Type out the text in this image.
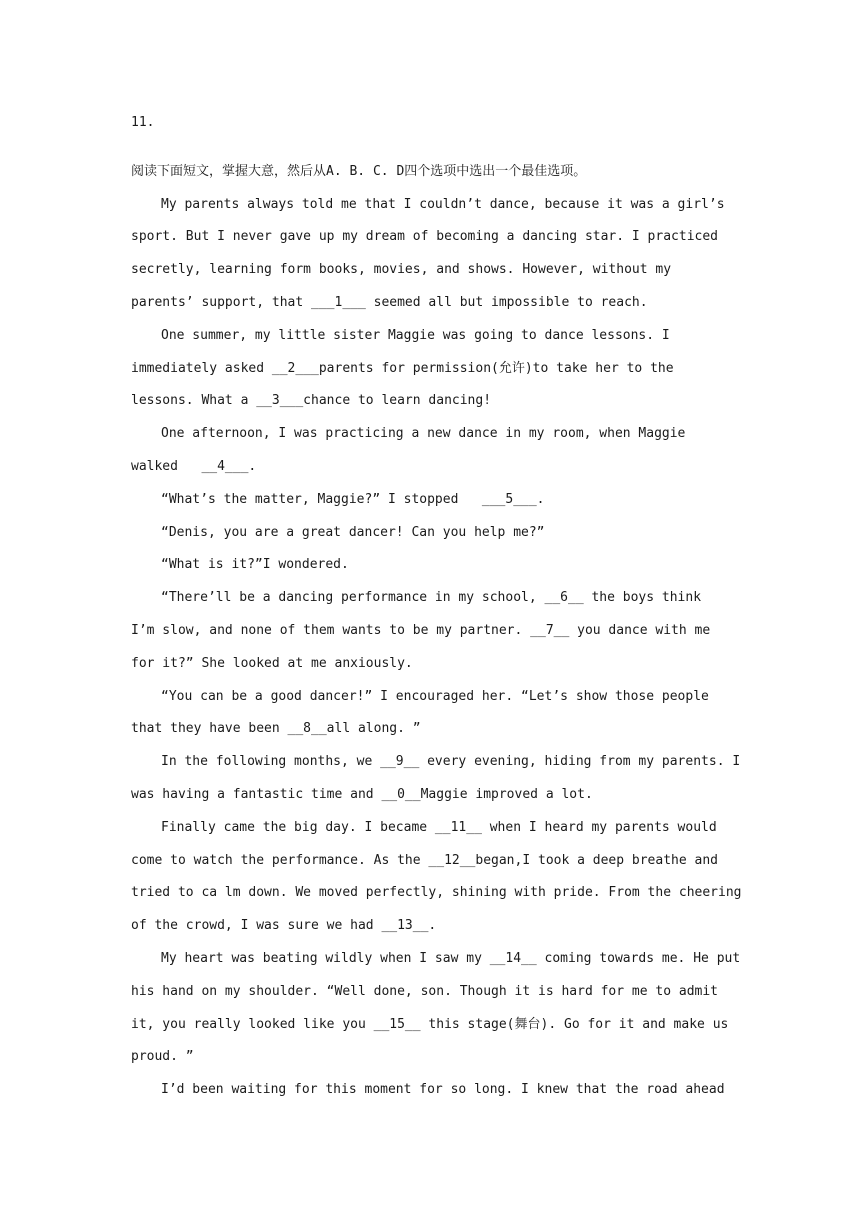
11.

阅读下面短文，掌握大意，然后从A. B. C. D四个选项中选出一个最佳选项。

My parents always told me that I couldn’t dance, because it was a girl’s
sport. But I never gave up my dream of becoming a dancing star. I practiced
secretly, learning form books, movies, and shows. However, without my
parents’ support, that ___1___ seemed all but impossible to reach.

One summer, my little sister Maggie was going to dance lessons. I
immediately asked __2___parents for permission(允许)to take her to the
lessons. What a __3___chance to learn dancing!

One afternoon, I was practicing a new dance in my room, when Maggie
walked   __4___.

“What’s the matter, Maggie?” I stopped   ___5___.

“Denis, you are a great dancer! Can you help me?”

“What is it?”I wondered.

“There’ll be a dancing performance in my school, __6__ the boys think
I’m slow, and none of them wants to be my partner. __7__ you dance with me
for it?” She looked at me anxiously.

“You can be a good dancer!” I encouraged her. “Let’s show those people
that they have been __8__all along. ”

In the following months, we __9__ every evening, hiding from my parents. I
was having a fantastic time and __0__Maggie improved a lot.

Finally came the big day. I became __11__ when I heard my parents would
come to watch the performance. As the __12__began,I took a deep breathe and
tried to ca lm down. We moved perfectly, shining with pride. From the cheering
of the crowd, I was sure we had __13__.

My heart was beating wildly when I saw my __14__ coming towards me. He put
his hand on my shoulder. “Well done, son. Though it is hard for me to admit
it, you really looked like you __15__ this stage(舞台). Go for it and make us
proud. ”

I’d been waiting for this moment for so long. I knew that the road ahead
